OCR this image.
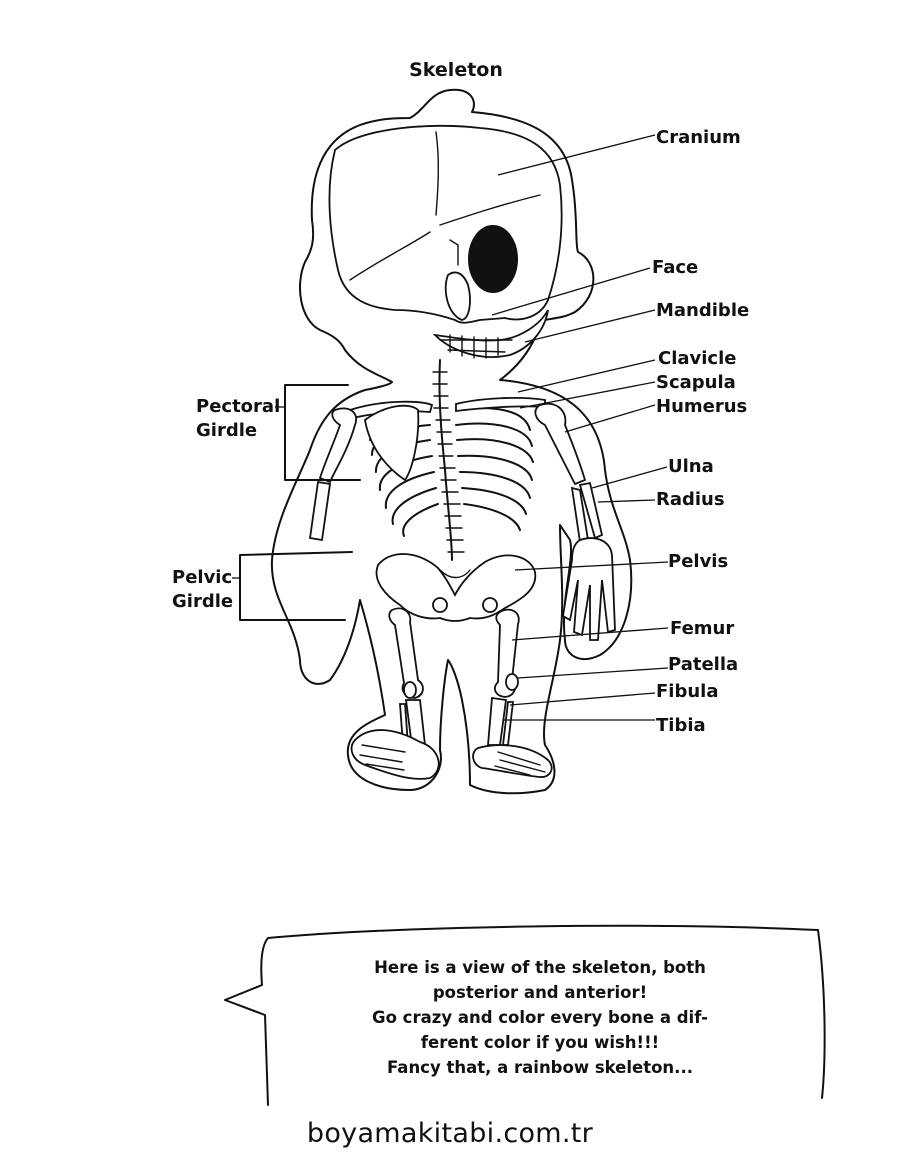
Skeleton
Cranium
Face
Mandible
Clavicle
Scapula
Humerus
Ulna
Radius
Pelvis
Femur
Patella
Fibula
Tibia
Pectoral
Girdle
Pelvic
Girdle
Here is a view of the skeleton, both
posterior and anterior!
Go crazy and color every bone a dif-
ferent color if you wish!!!
Fancy that, a rainbow skeleton...
boyamakitabi.com.tr
